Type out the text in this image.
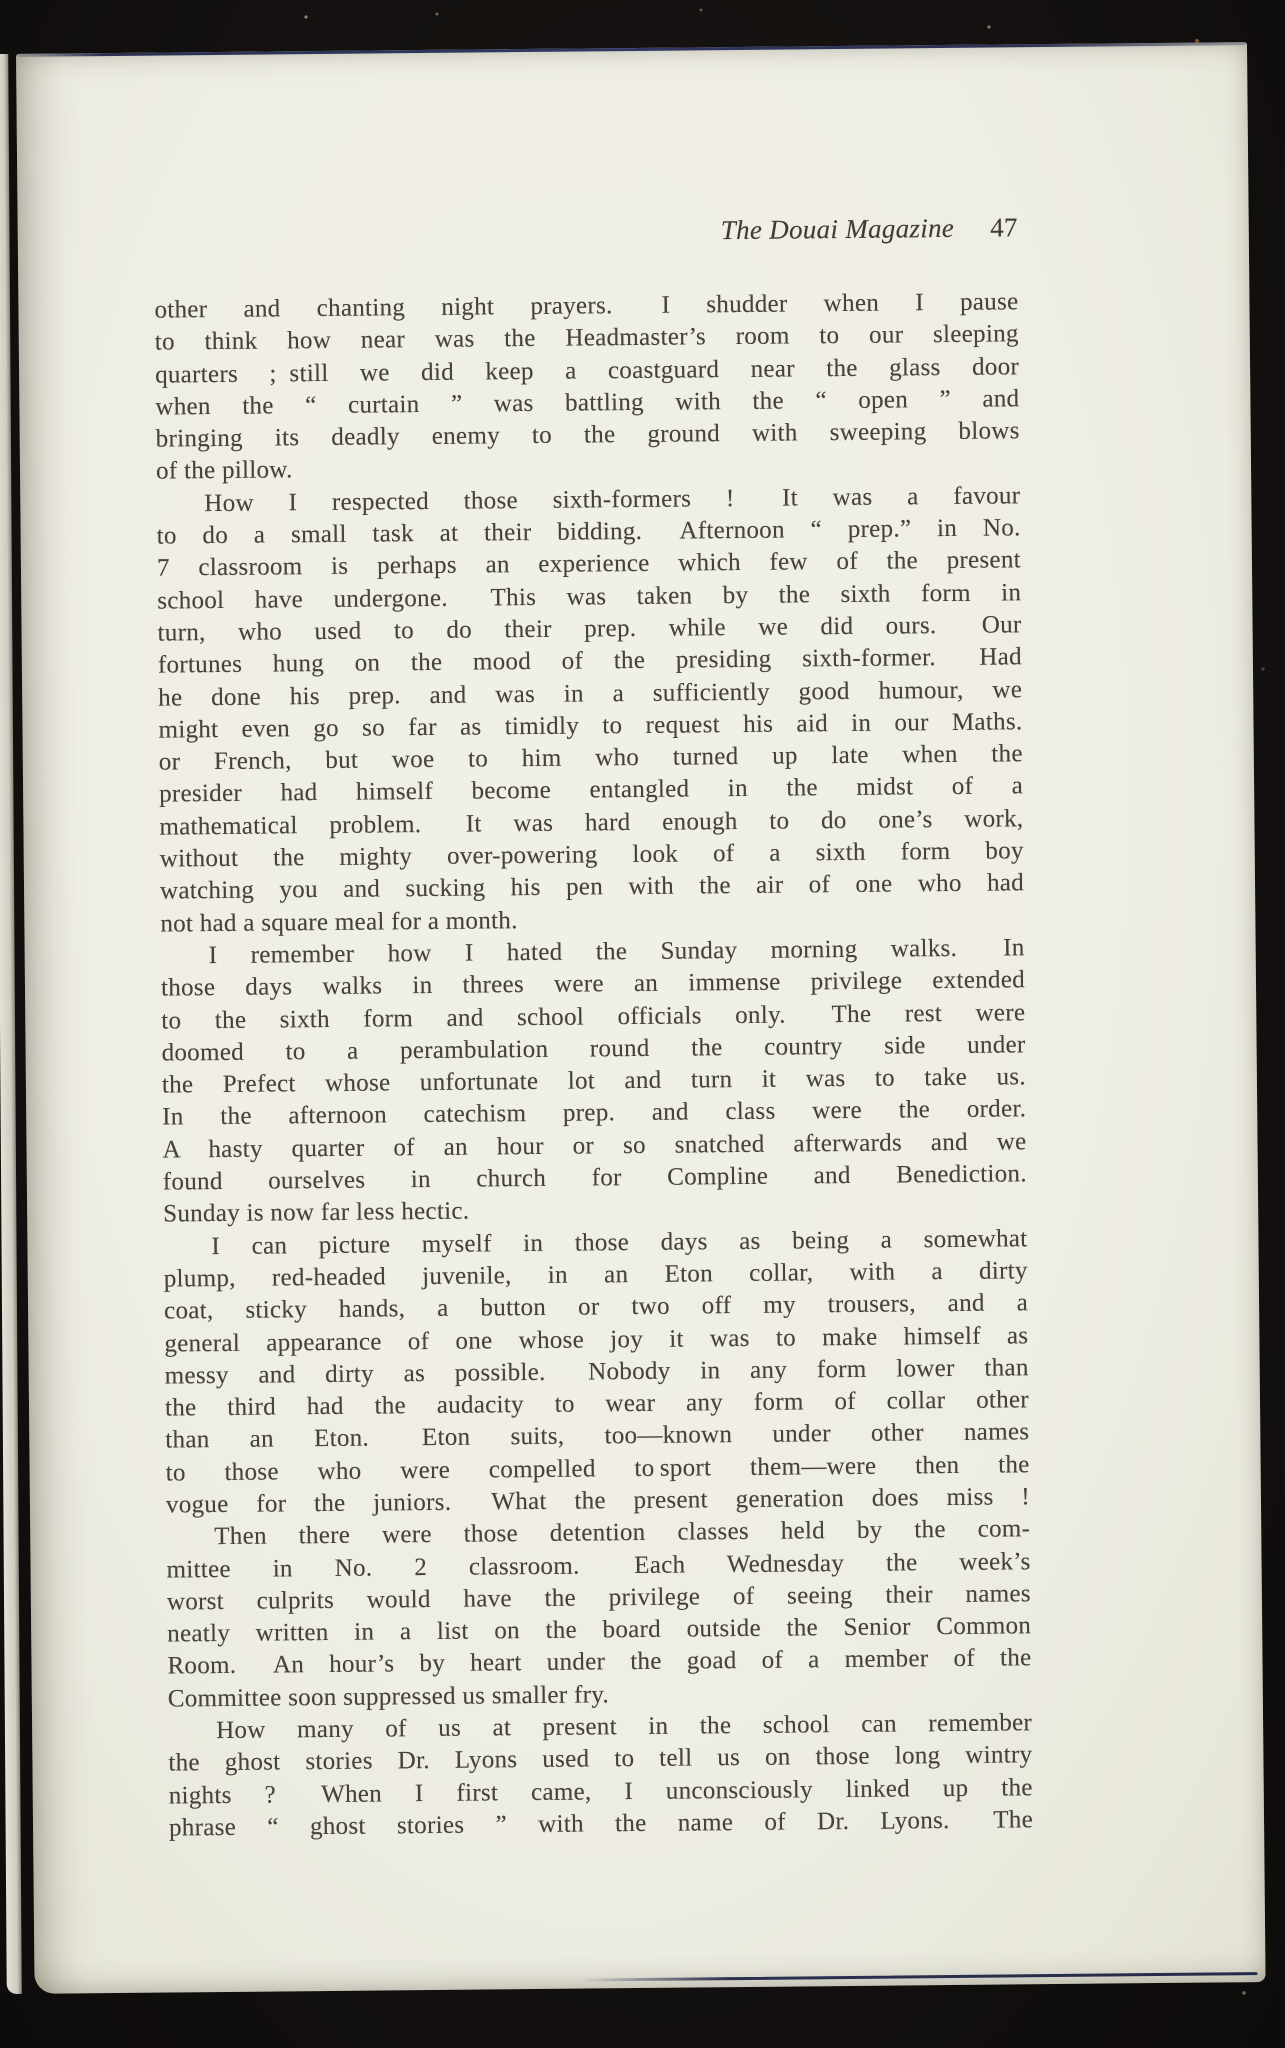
The Douai Magazine 47
other and chanting night prayers.  I shudder when I pause
to think how near was the Headmaster’s room to our sleeping
quarters ; still we did keep a coastguard near the glass door
when the “ curtain ” was battling with the “ open ” and
bringing its deadly enemy to the ground with sweeping blows
of the pillow.
How I respected those sixth-formers !  It was a favour
to do a small task at their bidding.  Afternoon “ prep.” in No.
7 classroom is perhaps an experience which few of the present
school have undergone.  This was taken by the sixth form in
turn, who used to do their prep. while we did ours.  Our
fortunes hung on the mood of the presiding sixth-former.  Had
he done his prep. and was in a sufficiently good humour, we
might even go so far as timidly to request his aid in our Maths.
or French, but woe to him who turned up late when the
presider had himself become entangled in the midst of a
mathematical problem.  It was hard enough to do one’s work,
without the mighty over-powering look of a sixth form boy
watching you and sucking his pen with the air of one who had
not had a square meal for a month.
I remember how I hated the Sunday morning walks.  In
those days walks in threes were an immense privilege extended
to the sixth form and school officials only.  The rest were
doomed to a perambulation round the country side under
the Prefect whose unfortunate lot and turn it was to take us.
In the afternoon catechism prep. and class were the order.
A hasty quarter of an hour or so snatched afterwards and we
found ourselves in church for Compline and Benediction.
Sunday is now far less hectic.
I can picture myself in those days as being a somewhat
plump, red-headed juvenile, in an Eton collar, with a dirty
coat, sticky hands, a button or two off my trousers, and a
general appearance of one whose joy it was to make himself as
messy and dirty as possible.  Nobody in any form lower than
the third had the audacity to wear any form of collar other
than an Eton.  Eton suits, too—known under other names
to those who were compelled to sport them—were then the
vogue for the juniors.  What the present generation does miss !
Then there were those detention classes held by the com-
mittee in No. 2 classroom.  Each Wednesday the week’s
worst culprits would have the privilege of seeing their names
neatly written in a list on the board outside the Senior Common
Room.  An hour’s by heart under the goad of a member of the
Committee soon suppressed us smaller fry.
How many of us at present in the school can remember
the ghost stories Dr. Lyons used to tell us on those long wintry
nights ?  When I first came, I unconsciously linked up the
phrase “ ghost stories ” with the name of Dr. Lyons.  The
